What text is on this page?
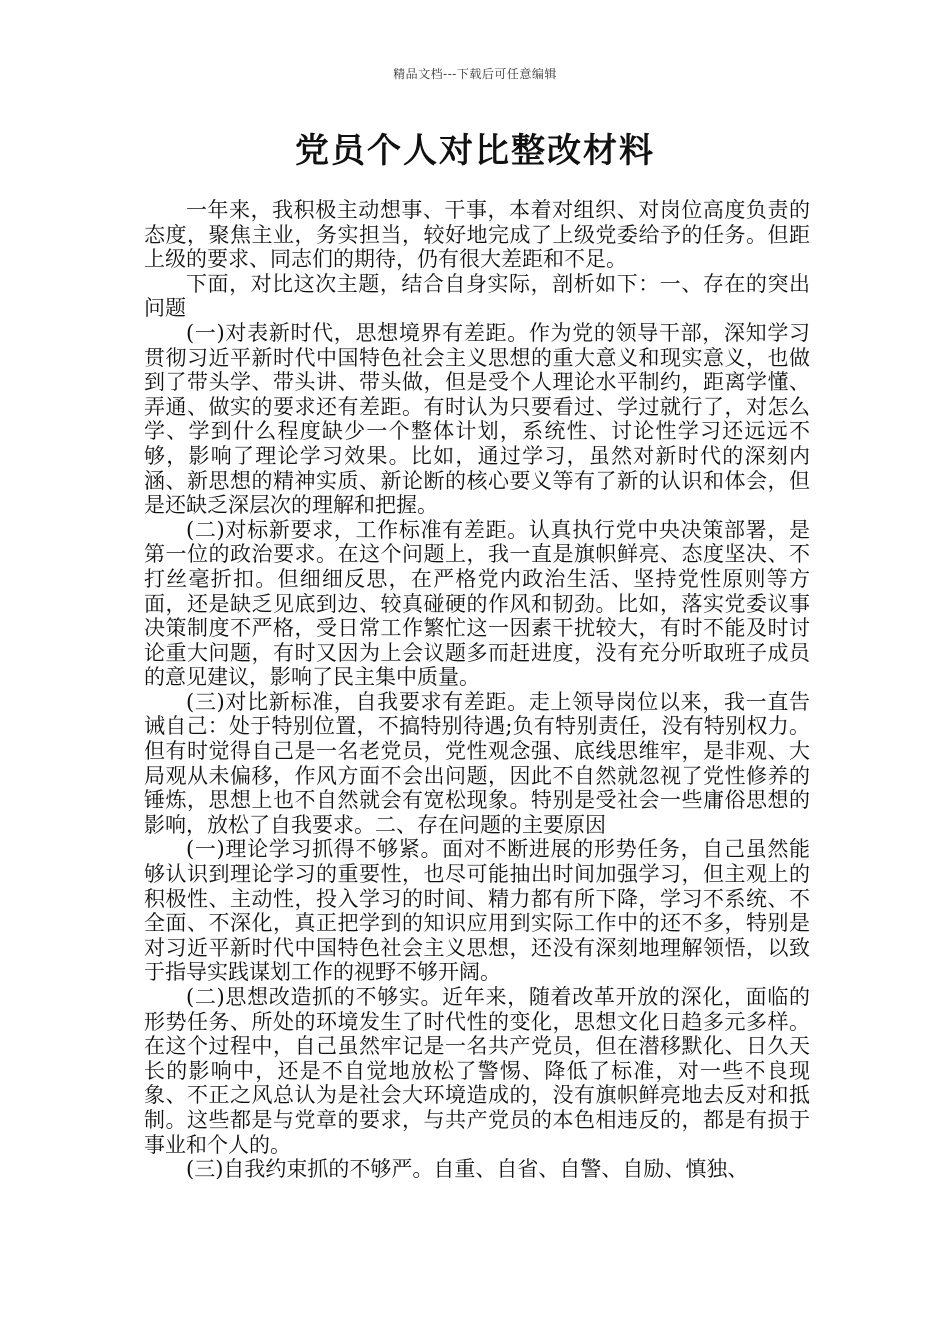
精品文档---下载后可任意编辑
党员个人对比整改材料

一年来，我积极主动想事、干事，本着对组织、对岗位高度负责的态度，聚焦主业，务实担当，较好地完成了上级党委给予的任务。但距上级的要求、同志们的期待，仍有很大差距和不足。

下面，对比这次主题，结合自身实际，剖析如下：一、存在的突出问题

(一)对表新时代，思想境界有差距。作为党的领导干部，深知学习贯彻习近平新时代中国特色社会主义思想的重大意义和现实意义，也做到了带头学、带头讲、带头做，但是受个人理论水平制约，距离学懂、弄通、做实的要求还有差距。有时认为只要看过、学过就行了，对怎么学、学到什么程度缺少一个整体计划，系统性、讨论性学习还远远不够，影响了理论学习效果。比如，通过学习，虽然对新时代的深刻内涵、新思想的精神实质、新论断的核心要义等有了新的认识和体会，但是还缺乏深层次的理解和把握。

(二)对标新要求，工作标准有差距。认真执行党中央决策部署，是第一位的政治要求。在这个问题上，我一直是旗帜鲜亮、态度坚决、不打丝毫折扣。但细细反思，在严格党内政治生活、坚持党性原则等方面，还是缺乏见底到边、较真碰硬的作风和韧劲。比如，落实党委议事决策制度不严格，受日常工作繁忙这一因素干扰较大，有时不能及时讨论重大问题，有时又因为上会议题多而赶进度，没有充分听取班子成员的意见建议，影响了民主集中质量。

(三)对比新标准，自我要求有差距。走上领导岗位以来，我一直告诫自己：处于特别位置，不搞特别待遇;负有特别责任，没有特别权力。但有时觉得自己是一名老党员，党性观念强、底线思维牢，是非观、大局观从未偏移，作风方面不会出问题，因此不自然就忽视了党性修养的锤炼，思想上也不自然就会有宽松现象。特别是受社会一些庸俗思想的影响，放松了自我要求。二、存在问题的主要原因

(一)理论学习抓得不够紧。面对不断进展的形势任务，自己虽然能够认识到理论学习的重要性，也尽可能抽出时间加强学习，但主观上的积极性、主动性，投入学习的时间、精力都有所下降，学习不系统、不全面、不深化，真正把学到的知识应用到实际工作中的还不多，特别是对习近平新时代中国特色社会主义思想，还没有深刻地理解领悟，以致于指导实践谋划工作的视野不够开阔。

(二)思想改造抓的不够实。近年来，随着改革开放的深化，面临的形势任务、所处的环境发生了时代性的变化，思想文化日趋多元多样。在这个过程中，自己虽然牢记是一名共产党员，但在潜移默化、日久天长的影响中，还是不自觉地放松了警惕、降低了标准，对一些不良现象、不正之风总认为是社会大环境造成的，没有旗帜鲜亮地去反对和抵制。这些都是与党章的要求，与共产党员的本色相违反的，都是有损于事业和个人的。

(三)自我约束抓的不够严。自重、自省、自警、自励、慎独、
